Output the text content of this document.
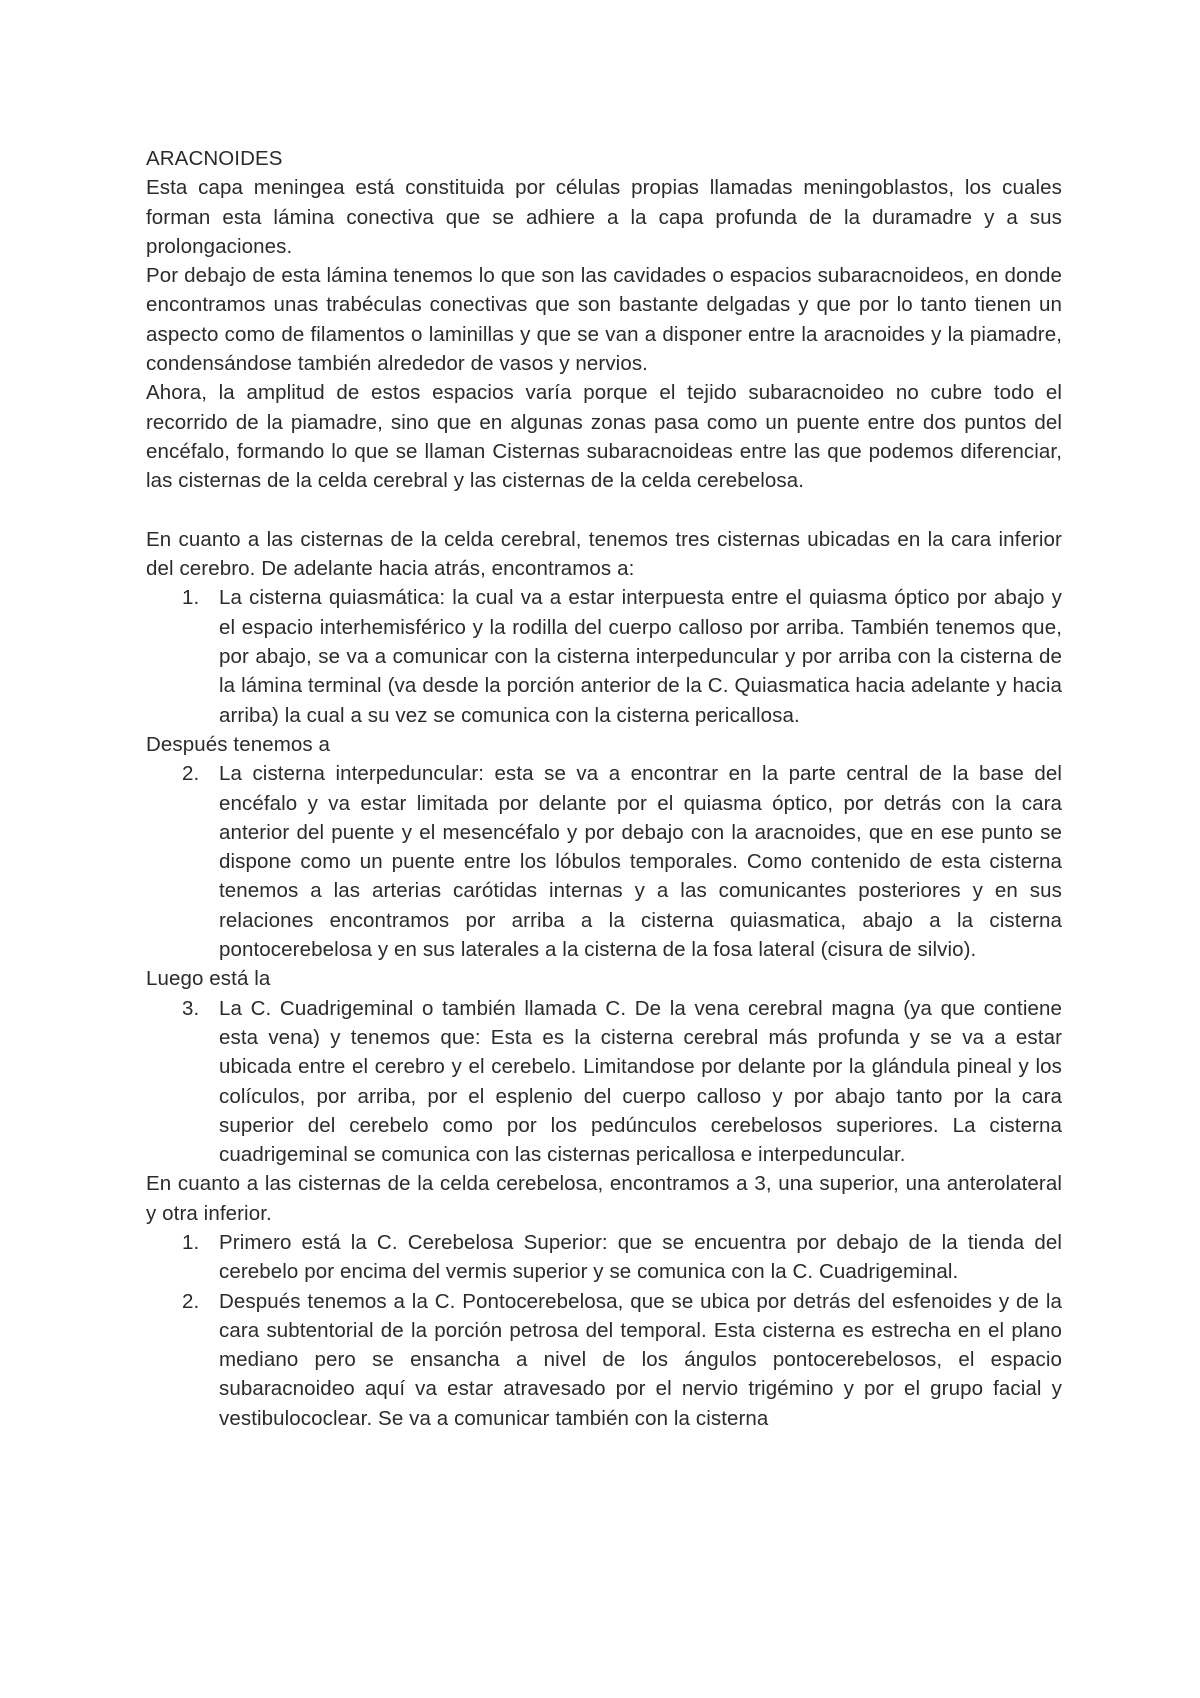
ARACNOIDES
Esta capa meningea está constituida por células propias llamadas meningoblastos, los cuales forman esta lámina conectiva que se adhiere a la capa profunda de la duramadre y a sus prolongaciones.
Por debajo de esta lámina tenemos lo que son las cavidades o espacios subaracnoideos, en donde encontramos unas trabéculas conectivas que son bastante delgadas y que por lo tanto tienen un aspecto como de filamentos o laminillas y que se van a disponer entre la aracnoides y la piamadre, condensándose también alrededor de vasos y nervios.
Ahora, la amplitud de estos espacios varía porque el tejido subaracnoideo no cubre todo el recorrido de la piamadre, sino que en algunas zonas pasa como un puente entre dos puntos del encéfalo, formando lo que se llaman Cisternas subaracnoideas entre las que podemos diferenciar, las cisternas de la celda cerebral y las cisternas de la celda cerebelosa.
En cuanto a las cisternas de la celda cerebral, tenemos tres cisternas ubicadas en la cara inferior del cerebro. De adelante hacia atrás, encontramos a:
1. La cisterna quiasmática: la cual va a estar interpuesta entre el quiasma óptico por abajo y el espacio interhemisférico y la rodilla del cuerpo calloso por arriba. También tenemos que, por abajo, se va a comunicar con la cisterna interpeduncular y por arriba con la cisterna de la lámina terminal (va desde la porción anterior de la C. Quiasmatica hacia adelante y hacia arriba) la cual a su vez se comunica con la cisterna pericallosa.
Después tenemos a
2. La cisterna interpeduncular: esta se va a encontrar en la parte central de la base del encéfalo y va estar limitada por delante por el quiasma óptico, por detrás con la cara anterior del puente y el mesencéfalo y por debajo con la aracnoides, que en ese punto se dispone como un puente entre los lóbulos temporales. Como contenido de esta cisterna tenemos a las arterias carótidas internas y a las comunicantes posteriores y en sus relaciones encontramos por arriba a la cisterna quiasmatica, abajo a la cisterna pontocerebelosa y en sus laterales a la cisterna de la fosa lateral (cisura de silvio).
Luego está la
3. La C. Cuadrigeminal o también llamada C. De la vena cerebral magna (ya que contiene esta vena) y tenemos que: Esta es la cisterna cerebral más profunda y se va a estar ubicada entre el cerebro y el cerebelo. Limitandose por delante por la glándula pineal y los colículos, por arriba, por el esplenio del cuerpo calloso y por abajo tanto por la cara superior del cerebelo como por los pedúnculos cerebelosos superiores. La cisterna cuadrigeminal se comunica con las cisternas pericallosa e interpeduncular.
En cuanto a las cisternas de la celda cerebelosa, encontramos a 3, una superior, una anterolateral y otra inferior.
1. Primero está la C. Cerebelosa Superior: que se encuentra por debajo de la tienda del cerebelo por encima del vermis superior y se comunica con la C. Cuadrigeminal.
2. Después tenemos a la C. Pontocerebelosa, que se ubica por detrás del esfenoides y de la cara subtentorial de la porción petrosa del temporal. Esta cisterna es estrecha en el plano mediano pero se ensancha a nivel de los ángulos pontocerebelosos, el espacio subaracnoideo aquí va estar atravesado por el nervio trigémino y por el grupo facial y vestibulococlear. Se va a comunicar también con la cisterna
